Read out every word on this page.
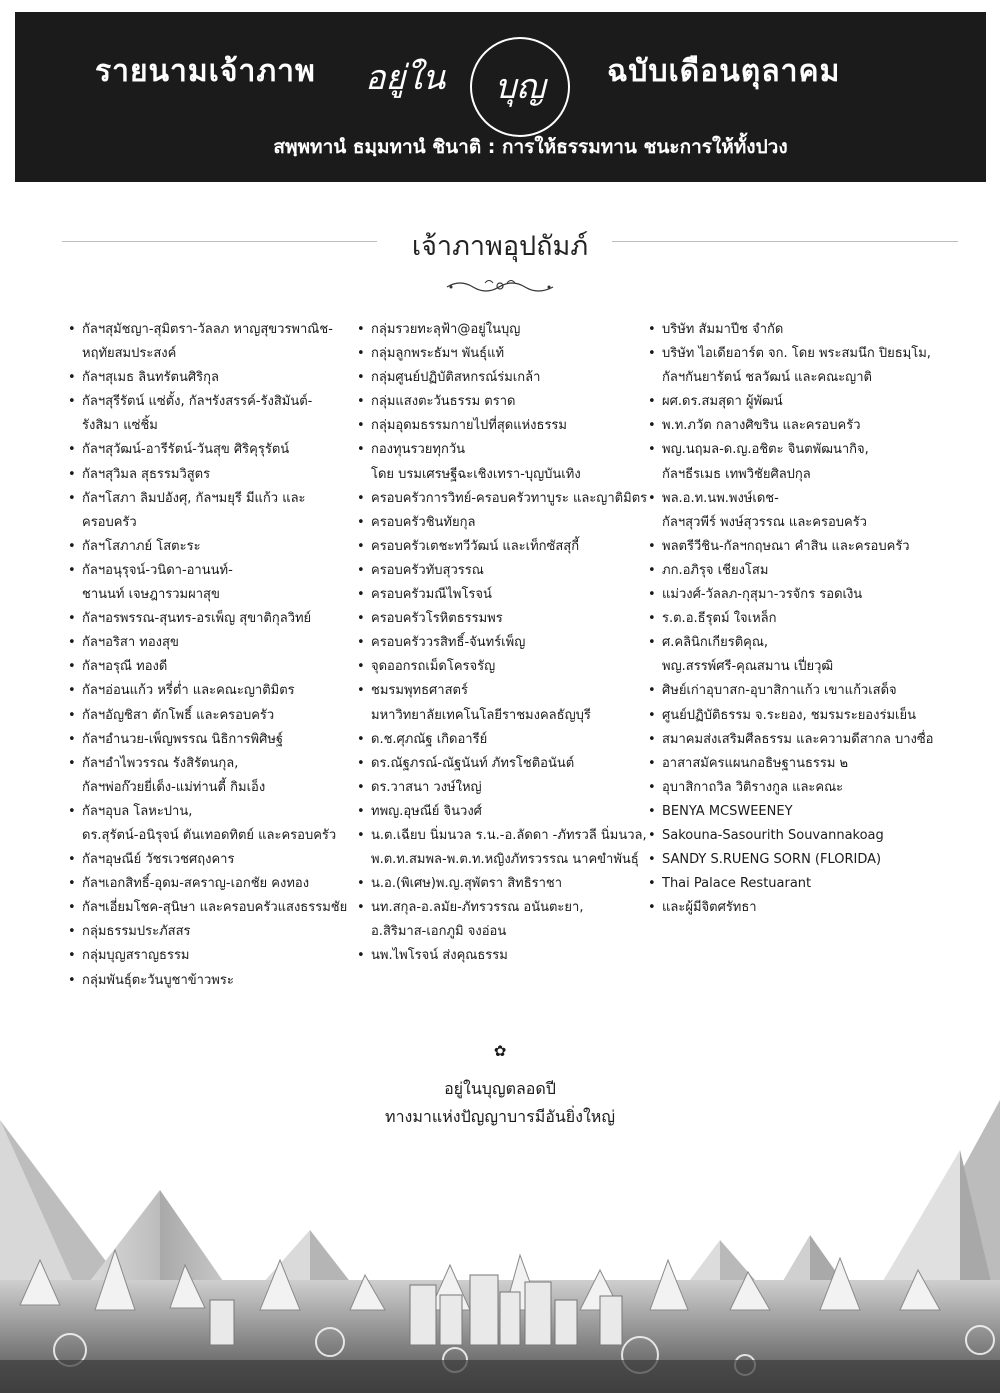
รายนามเจ้าภาพ อยู่ใน	บุญ	ฉบับเดือนตุลาคม
สพฺพทานํ ธมฺมทานํ ชินาติ : การให้ธรรมทาน ชนะการให้ทั้งปวง
เจ้าภาพอุปถัมภ์
• กัลฯสุมัชญา-สุมิตรา-วัลลภ หาญสุขวรพาณิช-
หฤทัยสมประสงค์
• กัลฯสุเมธ ลินทรัตนศิริกุล
• กัลฯสุรีรัตน์ แซ่ตั้ง, กัลฯรังสรรค์-รังสิมันต์-
รังสิมา แซ่ชิ้ม
• กัลฯสุวัฒน์-อารีรัตน์-วันสุข ศิริคุรุรัตน์
• กัลฯสุวิมล สุธรรมวิสูตร
• กัลฯโสภา ลิมปอังศุ, กัลฯมยุรี มีแก้ว และครอบครัว
• กัลฯโสภาภย์ โสตะระ
• กัลฯอนุรุจน์-วนิดา-อานนท์-
ชานนท์ เจษฎารวมผาสุข
• กัลฯอรพรรณ-สุนทร-อรเพ็ญ สุขาติกุลวิทย์
• กัลฯอริสา ทองสุข
• กัลฯอรุณี ทองดี
• กัลฯอ่อนแก้ว หรี่ต่ำ และคณะญาติมิตร
• กัลฯอัญชิสา ตักโพธิ์ และครอบครัว
• กัลฯอำนวย-เพ็ญพรรณ นิธิการพิศิษฐ์
• กัลฯอำไพวรรณ รังสิรัตนกุล,
กัลฯพ่อก๊วยยี่เด็ง-แม่ท่านตี้ กิมเอ็ง
• กัลฯอุบล โลหะปาน,
ดร.สุรัตน์-อนิรุจน์ ตันเทอดทิตย์ และครอบครัว
• กัลฯอุษณีย์ วัชรเวชศฤงคาร
• กัลฯเอกสิทธิ์-อุดม-สคราญ-เอกชัย คงทอง
• กัลฯเอี่ยมโชค-สุนิษา และครอบครัวแสงธรรมชัย
• กลุ่มธรรมประภัสสร
• กลุ่มบุญสราญธรรม
• กลุ่มพันธุ์ตะวันบูชาข้าวพระ
• กลุ่มรวยทะลุฟ้า@อยู่ในบุญ
• กลุ่มลูกพระธัมฯ พันธุ์แท้
• กลุ่มศูนย์ปฏิบัติสหกรณ์ร่มเกล้า
• กลุ่มแสงตะวันธรรม ตราด
• กลุ่มอุดมธรรมกายไปที่สุดแห่งธรรม
• กองทุนรวยทุกวัน
โดย บรมเศรษฐีฉะเชิงเทรา-บุญบันเทิง
• ครอบครัวการวิทย์-ครอบครัวทาบูระ และญาติมิตร
• ครอบครัวชินทัยกุล
• ครอบครัวเตชะทวีวัฒน์ และเท็กซัสสุกี้
• ครอบครัวทับสุวรรณ
• ครอบครัวมณีไพโรจน์
• ครอบครัวโรหิตธรรมพร
• ครอบครัววรสิทธิ์-จันทร์เพ็ญ
• จุดออกรถเม็ดโครจรัญ
• ชมรมพุทธศาสตร์
มหาวิทยาลัยเทคโนโลยีราชมงคลธัญบุรี
• ด.ช.ศุภณัฐ เกิดอารีย์
• ดร.ณัฐภรณ์-ณัฐนันท์ ภัทรโชติอนันต์
• ดร.วาสนา วงษ์ใหญ่
• ทพญ.อุษณีย์ จินวงศ์
• น.ต.เฉียบ นิ่มนวล ร.น.-อ.ลัดดา -ภัทรวลี นิ่มนวล,
พ.ต.ท.สมพล-พ.ต.ท.หญิงภัทรวรรณ นาคขำพันธุ์
• น.อ.(พิเศษ)พ.ญ.สุพัตรา สิทธิราชา
• นท.สกุล-อ.ลมัย-ภัทรวรรณ อนันตะยา,
อ.สิริมาส-เอกภูมิ จงอ่อน
• นพ.ไพโรจน์ ส่งคุณธรรม
• บริษัท สัมมาปีช จำกัด
• บริษัท ไอเดียอาร์ต จก. โดย พระสมนึก ปิยธมฺโม,
กัลฯกันยารัตน์ ชลวัฒน์ และคณะญาติ
• ผศ.ดร.สมสุดา ผู้พัฒน์
• พ.ท.ภวัต กลางศิขริน และครอบครัว
• พญ.นฤมล-ด.ญ.อชิตะ จินตพัฒนากิจ,
กัลฯธีรเมธ เทพวิชัยศิลปกุล
• พล.อ.ท.นพ.พงษ์เดช-
กัลฯสุวพีร์ พงษ์สุวรรณ และครอบครัว
• พลตรีวีชิน-กัลฯกฤษณา คำสิน และครอบครัว
• ภก.อภิรุจ เชียงโสม
• แม่วงศ์-วัลลภ-กุสุมา-วรจักร รอดเงิน
• ร.ต.อ.ธีรุตม์ ใจเหล็ก
• ศ.คลินิกเกียรติคุณ,
พญ.สรรพ์ศรี-คุณสมาน เปี่ยวุฒิ
• ศิษย์เก่าอุบาสก-อุบาสิกาแก้ว เขาแก้วเสด็จ
• ศูนย์ปฏิบัติธรรม จ.ระยอง, ชมรมระยองร่มเย็น
• สมาคมส่งเสริมศีลธรรม และความดีสากล บางซื่อ
• อาสาสมัครแผนกอธิษฐานธรรม ๒
• อุบาสิกาถวิล วิติรางกูล และคณะ
• BENYA MCSWEENEY
• Sakouna-Sasourith Souvannakoag
• SANDY S.RUENG SORN (FLORIDA)
• Thai Palace Restuarant
• และผู้มีจิตศรัทธา
✿
อยู่ในบุญตลอดปี
ทางมาแห่งปัญญาบารมีอันยิ่งใหญ่
